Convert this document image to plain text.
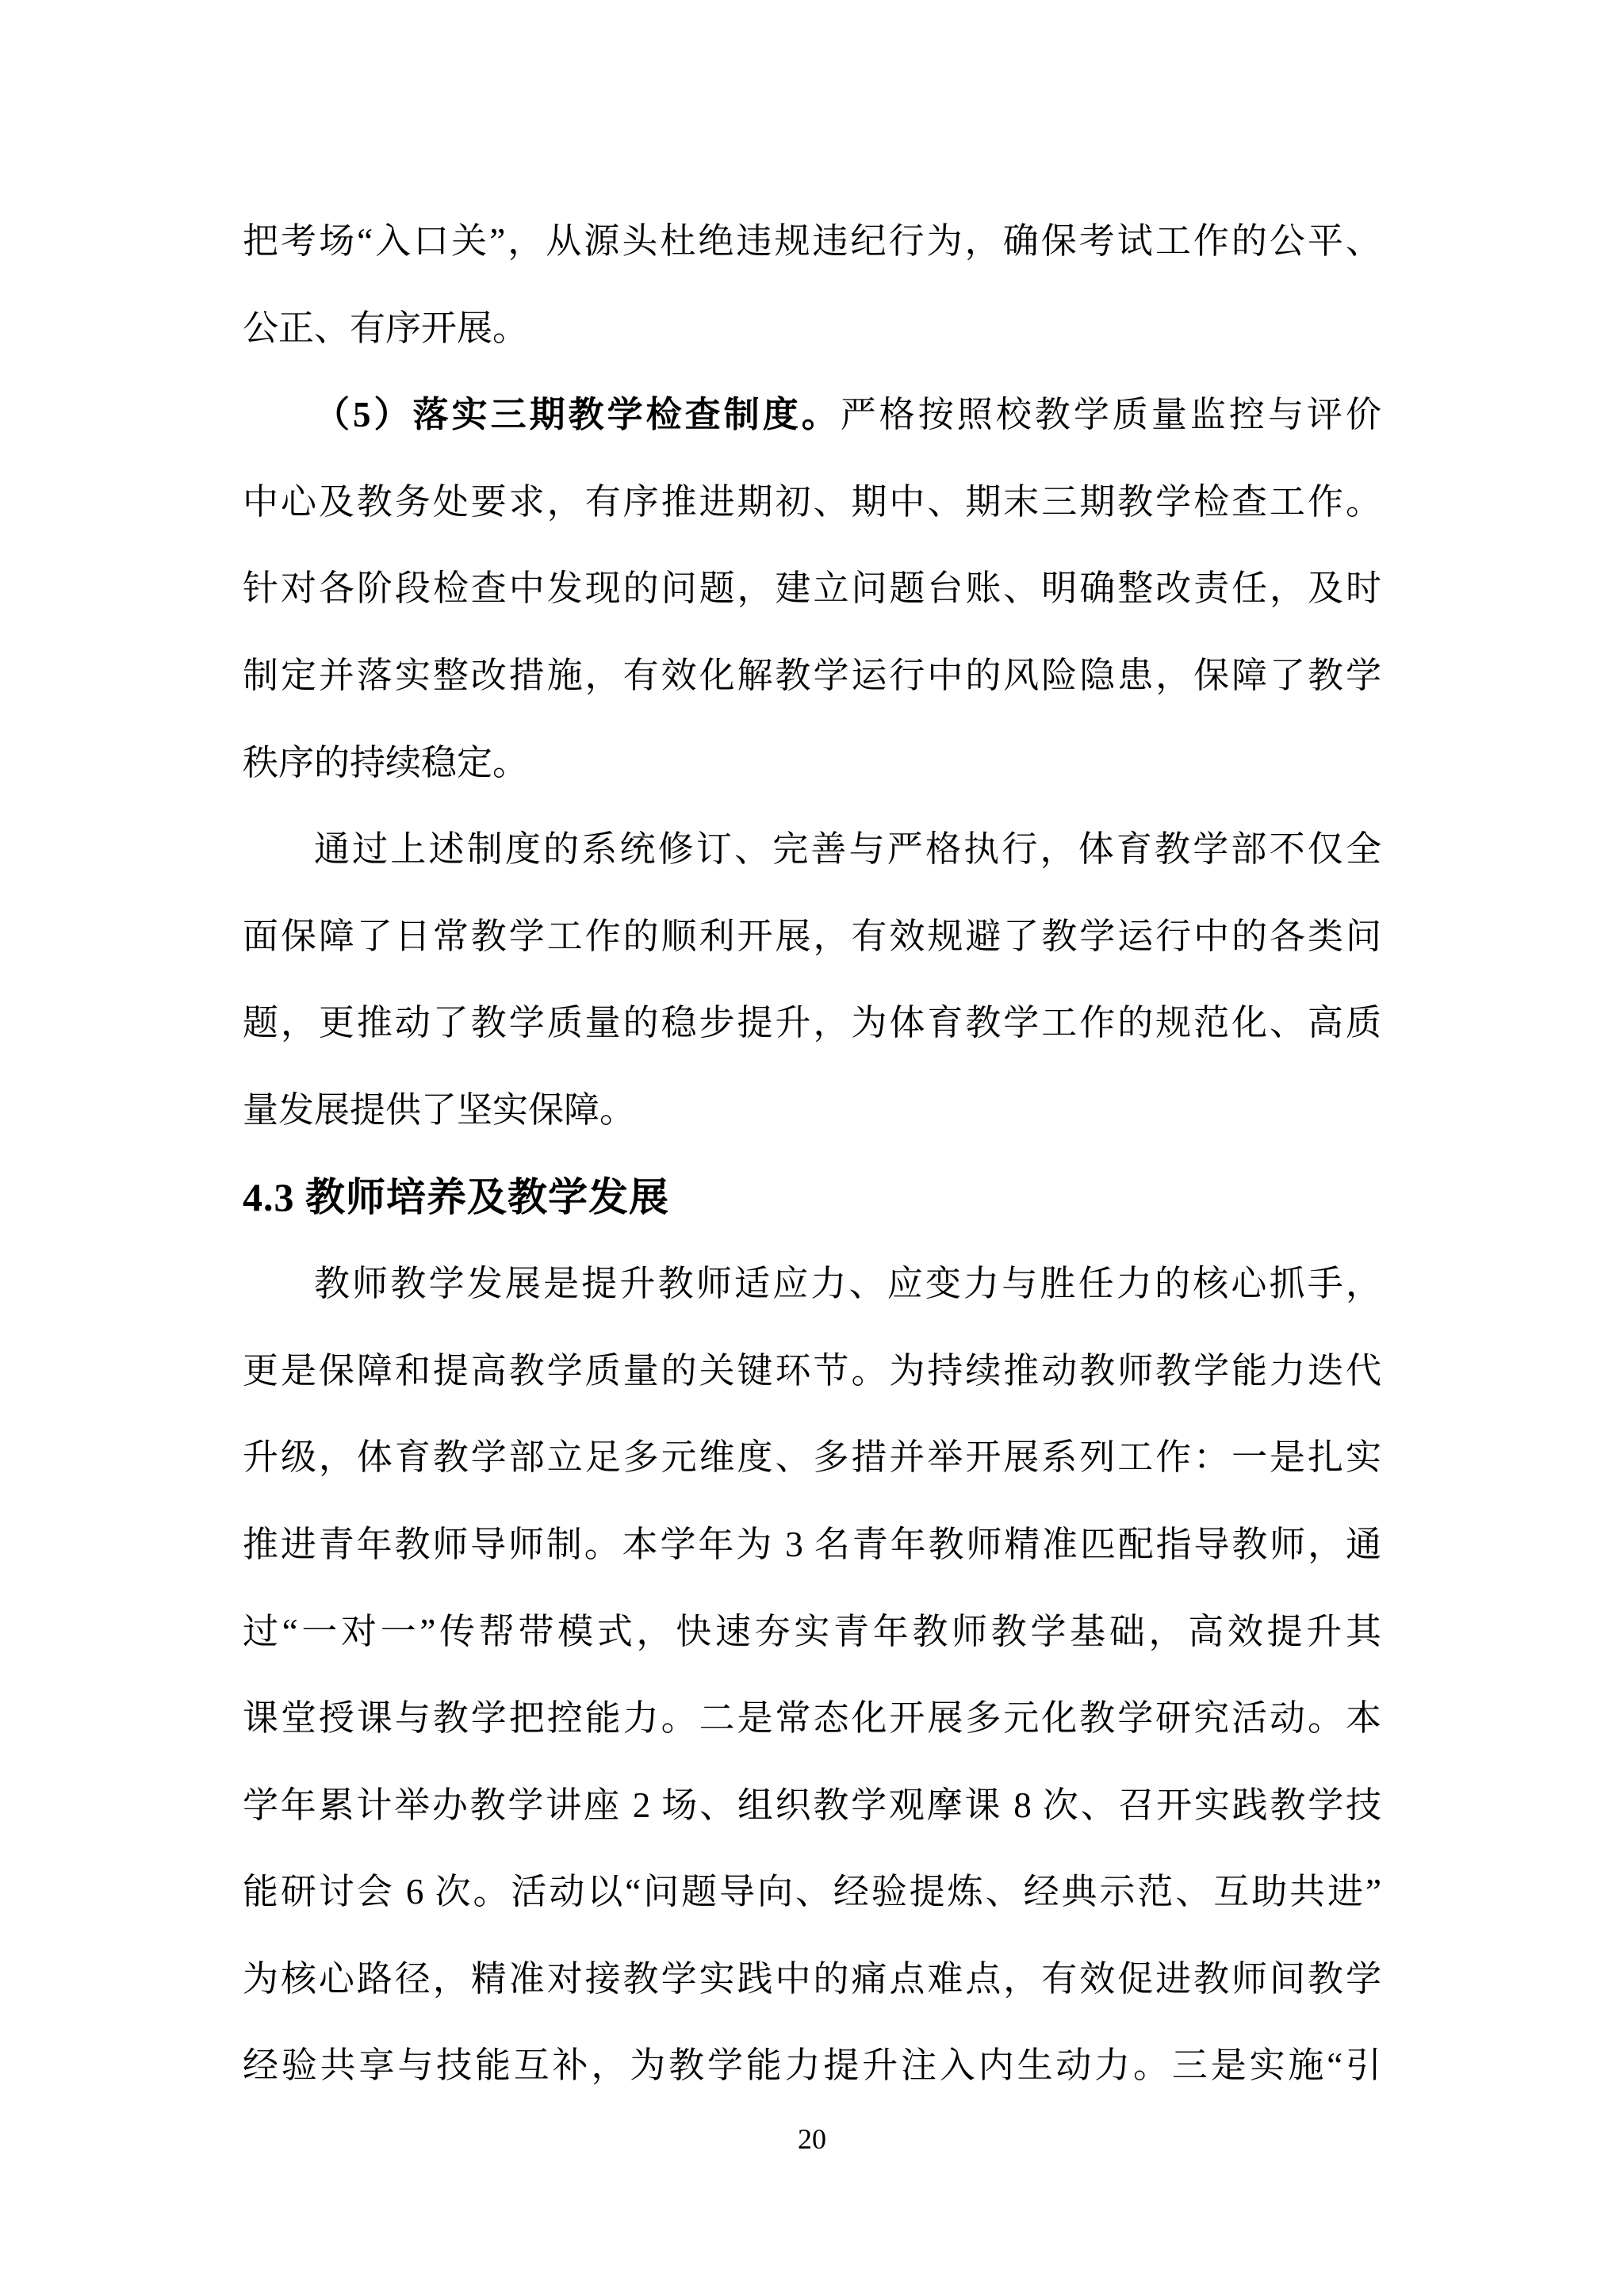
把考场“入口关”，从源头杜绝违规违纪行为，确保考试工作的公平、
公正、有序开展。
（5）落实三期教学检查制度。严格按照校教学质量监控与评价
中心及教务处要求，有序推进期初、期中、期末三期教学检查工作。
针对各阶段检查中发现的问题，建立问题台账、明确整改责任，及时
制定并落实整改措施，有效化解教学运行中的风险隐患，保障了教学
秩序的持续稳定。
通过上述制度的系统修订、完善与严格执行，体育教学部不仅全
面保障了日常教学工作的顺利开展，有效规避了教学运行中的各类问
题，更推动了教学质量的稳步提升，为体育教学工作的规范化、高质
量发展提供了坚实保障。
4.3 教师培养及教学发展
教师教学发展是提升教师适应力、应变力与胜任力的核心抓手，
更是保障和提高教学质量的关键环节。为持续推动教师教学能力迭代
升级，体育教学部立足多元维度、多措并举开展系列工作：一是扎实
推进青年教师导师制。本学年为 3 名青年教师精准匹配指导教师，通
过“一对一”传帮带模式，快速夯实青年教师教学基础，高效提升其
课堂授课与教学把控能力。二是常态化开展多元化教学研究活动。本
学年累计举办教学讲座 2 场、组织教学观摩课 8 次、召开实践教学技
能研讨会 6 次。活动以“问题导向、经验提炼、经典示范、互助共进”
为核心路径，精准对接教学实践中的痛点难点，有效促进教师间教学
经验共享与技能互补，为教学能力提升注入内生动力。三是实施“引
20
